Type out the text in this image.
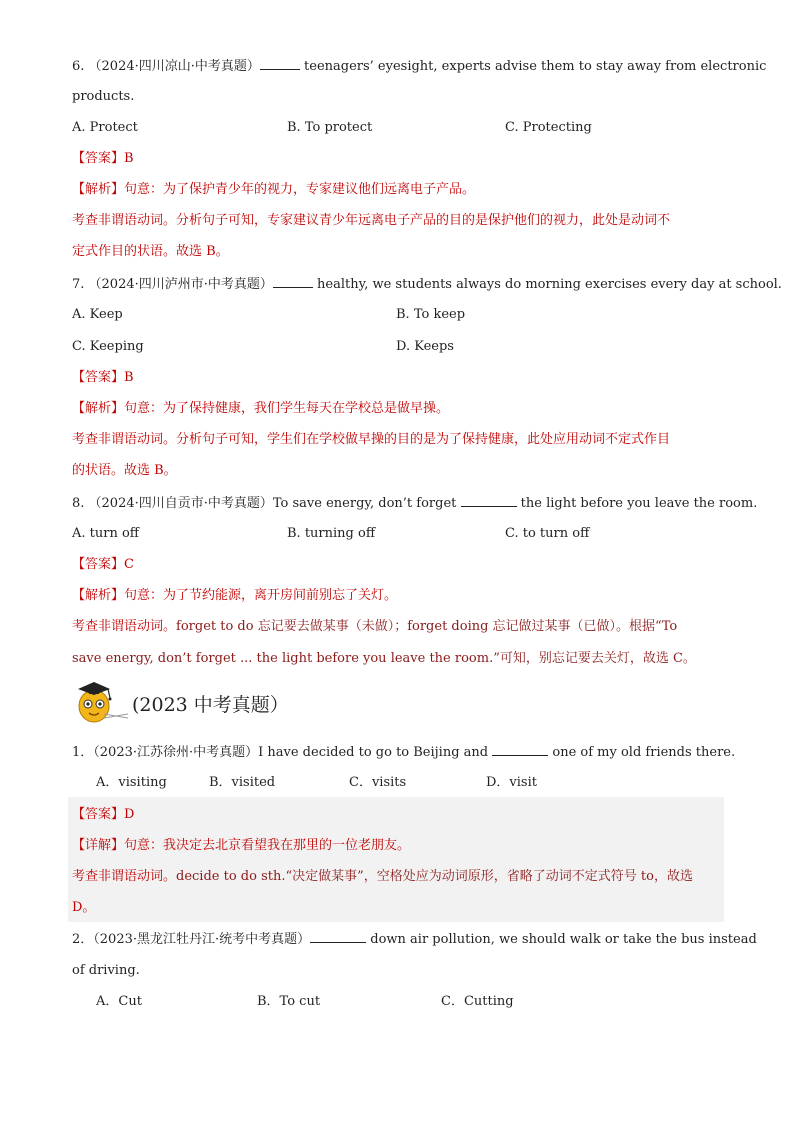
6. （2024·四川凉山·中考真题）	teenagers’ eyesight, experts advise them to stay away from electronic
products.
A. Protect	B. To protect	C. Protecting
【答案】B
【解析】句意：为了保护青少年的视力，专家建议他们远离电子产品。
考查非谓语动词。分析句子可知，专家建议青少年远离电子产品的目的是保护他们的视力，此处是动词不
定式作目的状语。故选 B。
7. （2024·四川泸州市·中考真题）	healthy, we students always do morning exercises every day at school.
A. Keep	B. To keep
C. Keeping	D. Keeps
【答案】B
【解析】句意：为了保持健康，我们学生每天在学校总是做早操。
考查非谓语动词。分析句子可知，学生们在学校做早操的目的是为了保持健康，此处应用动词不定式作目
的状语。故选 B。
8. （2024·四川自贡市·中考真题）To save energy, don’t forget	the light before you leave the room.
A. turn off	B. turning off	C. to turn off
【答案】C
【解析】句意：为了节约能源，离开房间前别忘了关灯。
考查非谓语动词。forget to do 忘记要去做某事（未做）；forget doing 忘记做过某事（已做）。根据“To
save energy, don’t forget ... the light before you leave the room.”可知，别忘记要去关灯，故选 C。
(2023 中考真题）
1．（2023·江苏徐州·中考真题）I have decided to go to Beijing and	one of my old friends there.
A．visiting	B．visited	C．visits	D．visit
【答案】D
【详解】句意：我决定去北京看望我在那里的一位老朋友。
考查非谓语动词。decide to do sth.“决定做某事”，空格处应为动词原形，省略了动词不定式符号 to，故选
D。
2．（2023·黑龙江牡丹江·统考中考真题）	down air pollution, we should walk or take the bus instead
of driving.
A．Cut	B．To cut	C．Cutting
